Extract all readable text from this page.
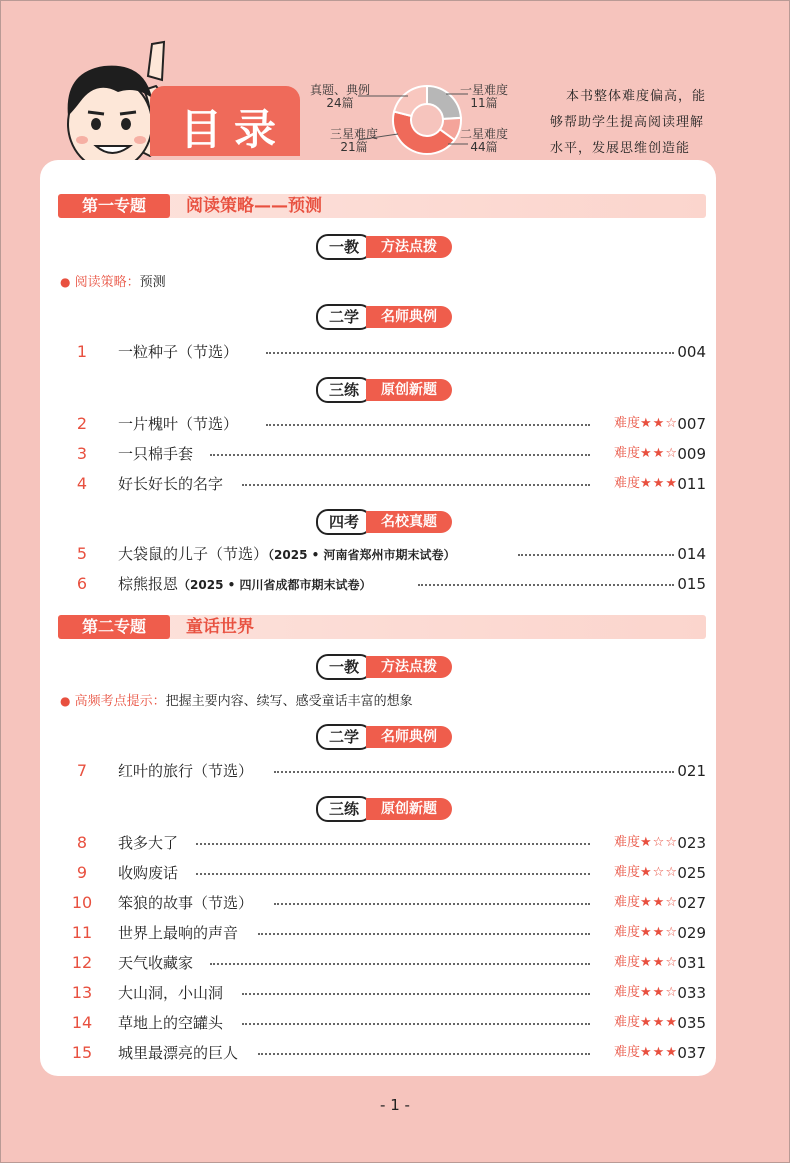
目录
真题、典例
24篇
一星难度
11篇
二星难度
44篇
三星难度
21篇
本书整体难度偏高，能够帮助学生提高阅读理解水平，发展思维创造能
第一专题	阅读策略——预测
一教	方法点拨
● 阅读策略：预测
二学	名师典例
1	一粒种子（节选）	004
三练	原创新题
2	一片槐叶（节选）	难度★★☆ 007
3	一只棉手套	难度★★☆ 009
4	好长好长的名字	难度★★★ 011
四考	名校真题
5	大袋鼠的儿子（节选）（2025 • 河南省郑州市期末试卷）	014
6	棕熊报恩（2025 • 四川省成都市期末试卷）	015
第二专题	童话世界
一教	方法点拨
● 高频考点提示：把握主要内容、续写、感受童话丰富的想象
二学	名师典例
7	红叶的旅行（节选）	021
三练	原创新题
8	我多大了	难度★☆☆ 023
9	收购废话	难度★☆☆ 025
10	笨狼的故事（节选）	难度★★☆ 027
11	世界上最响的声音	难度★★☆ 029
12	天气收藏家	难度★★☆ 031
13	大山洞，小山洞	难度★★☆ 033
14	草地上的空罐头	难度★★★ 035
15	城里最漂亮的巨人	难度★★★ 037
- 1 -
